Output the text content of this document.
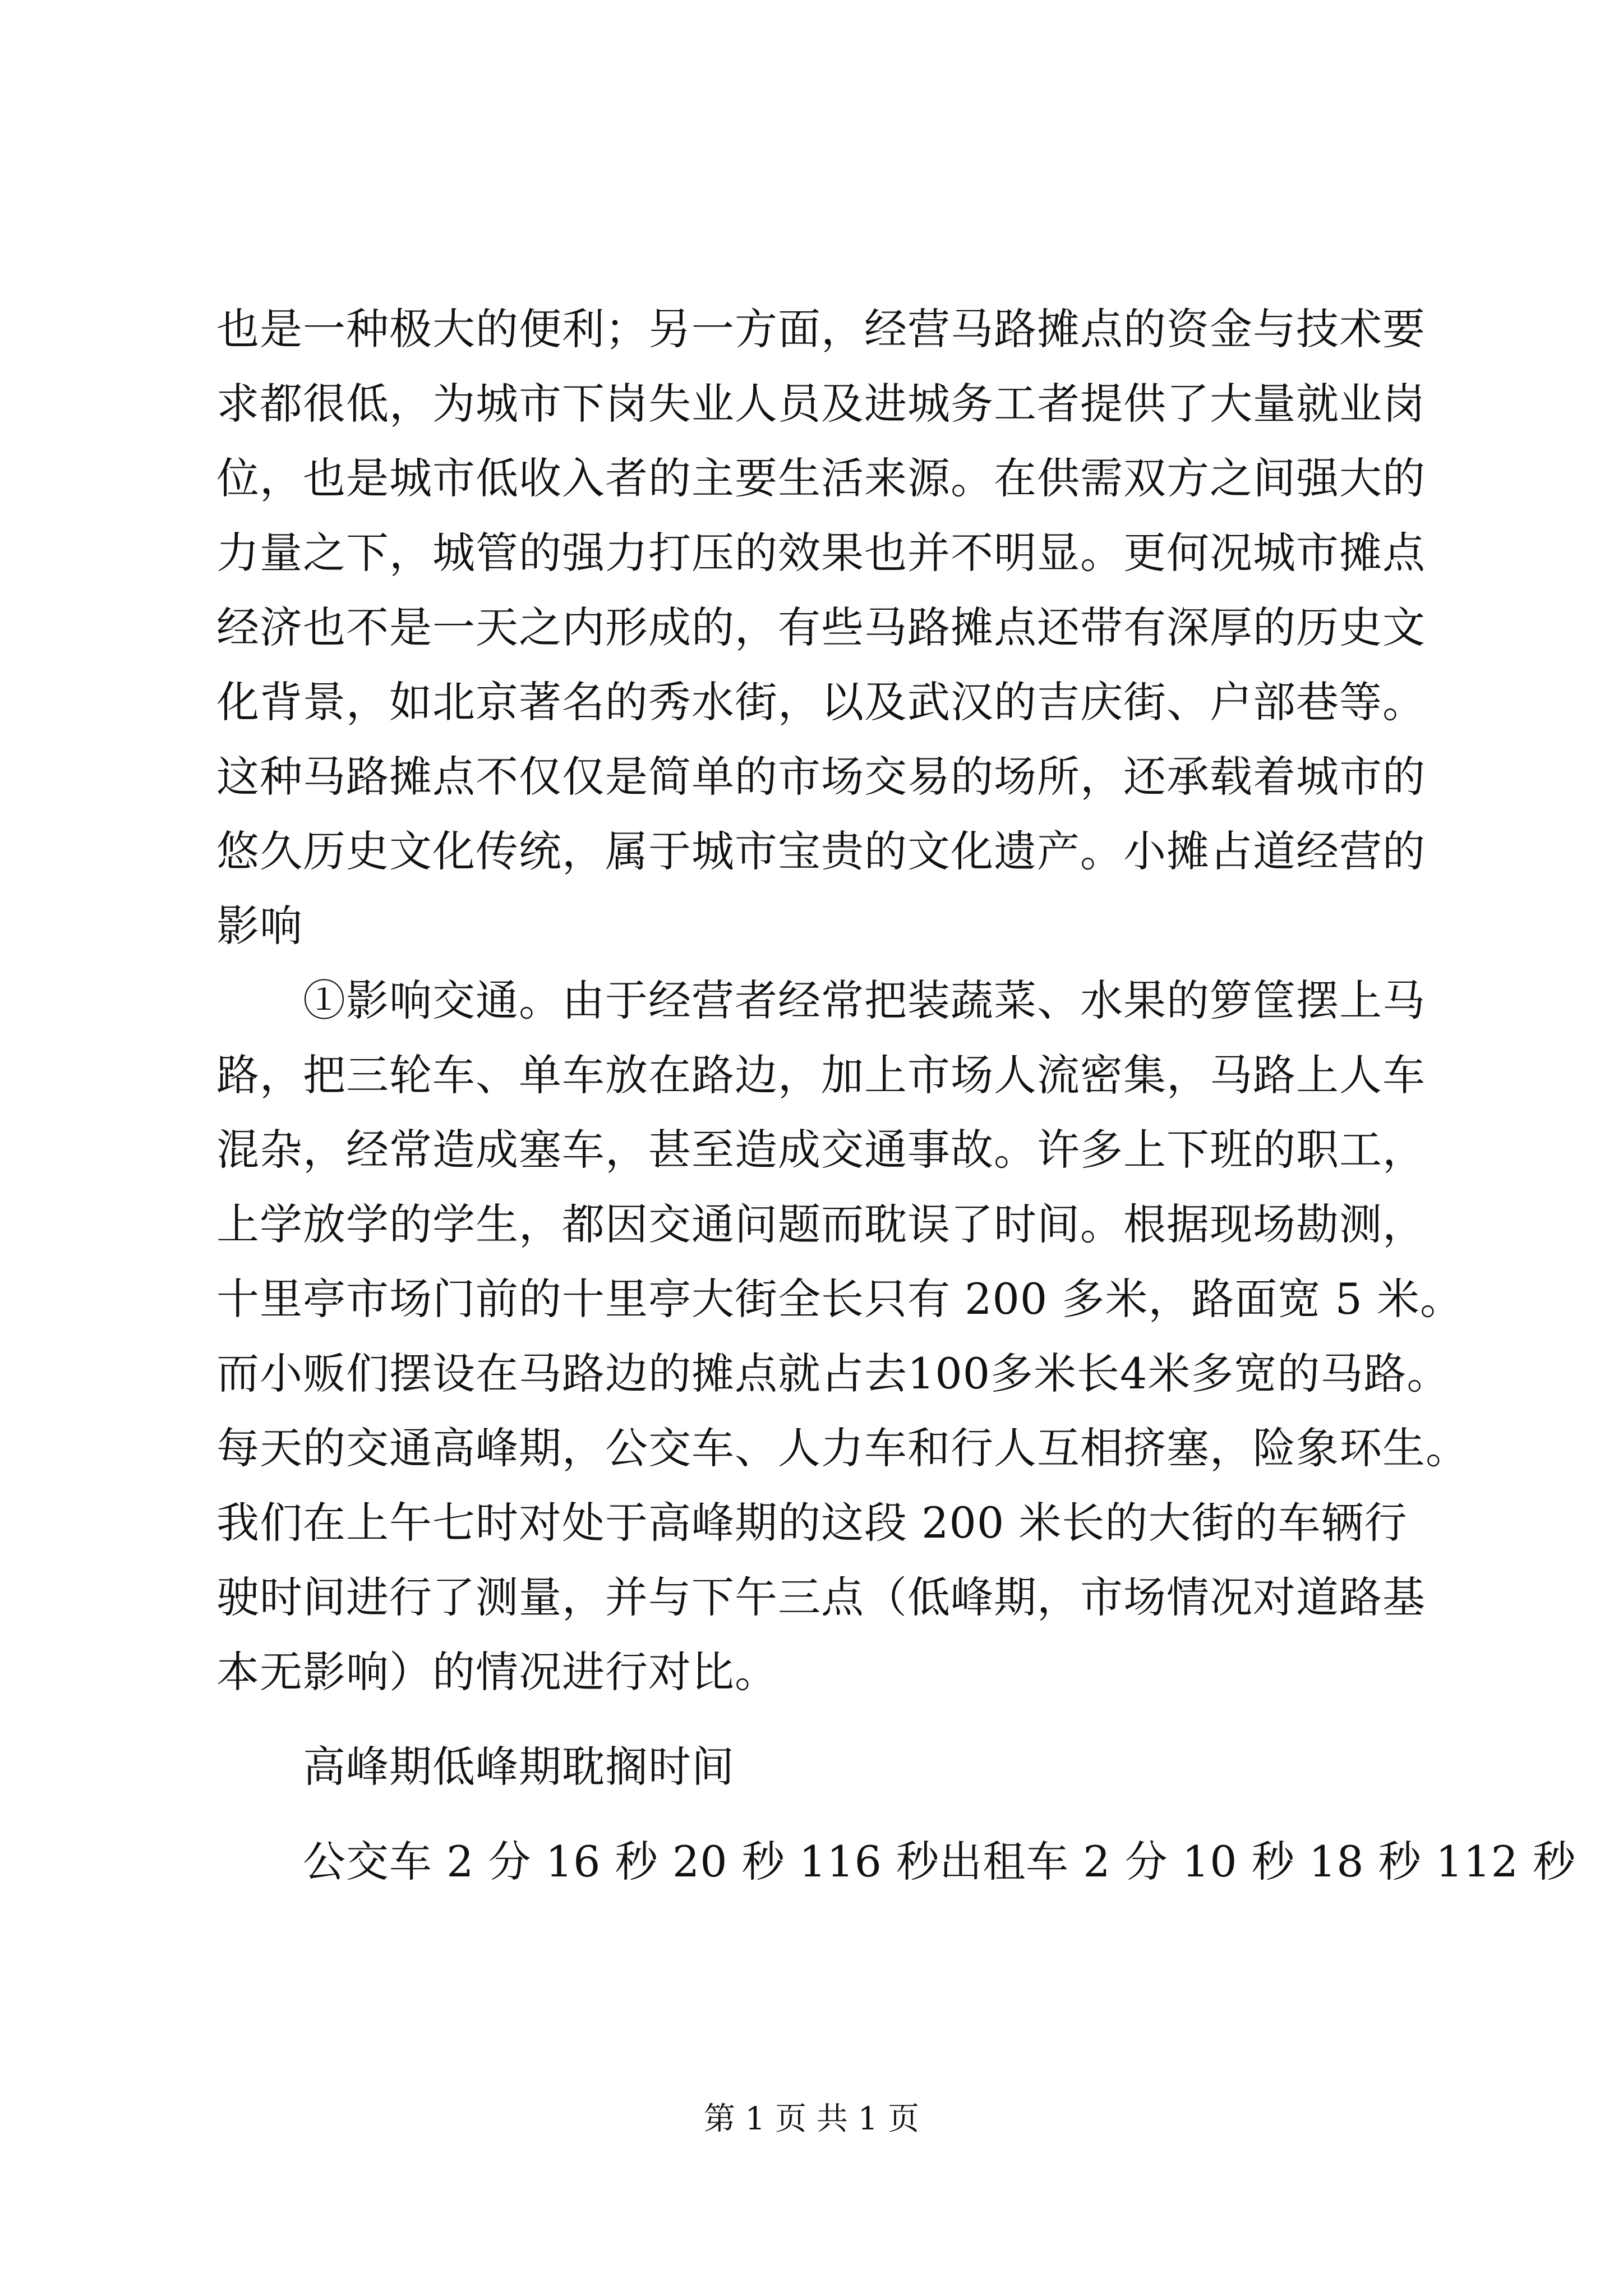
也是一种极大的便利；另一方面，经营马路摊点的资金与技术要
求都很低，为城市下岗失业人员及进城务工者提供了大量就业岗
位，也是城市低收入者的主要生活来源。在供需双方之间强大的
力量之下，城管的强力打压的效果也并不明显。更何况城市摊点
经济也不是一天之内形成的，有些马路摊点还带有深厚的历史文
化背景，如北京著名的秀水街，以及武汉的吉庆街、户部巷等。
这种马路摊点不仅仅是简单的市场交易的场所，还承载着城市的
悠久历史文化传统，属于城市宝贵的文化遗产。小摊占道经营的
影响
①影响交通。由于经营者经常把装蔬菜、水果的箩筐摆上马
路，把三轮车、单车放在路边，加上市场人流密集，马路上人车
混杂，经常造成塞车，甚至造成交通事故。许多上下班的职工，
上学放学的学生，都因交通问题而耽误了时间。根据现场勘测，
十里亭市场门前的十里亭大街全长只有 200 多米，路面宽 5 米。
而小贩们摆设在马路边的摊点就占去100多米长4米多宽的马路。
每天的交通高峰期，公交车、人力车和行人互相挤塞，险象环生。
我们在上午七时对处于高峰期的这段 200 米长的大街的车辆行
驶时间进行了测量，并与下午三点（低峰期，市场情况对道路基
本无影响）的情况进行对比。
高峰期低峰期耽搁时间
公交车 2 分 16 秒 20 秒 116 秒出租车 2 分 10 秒 18 秒 112 秒
第 1 页 共 1 页
